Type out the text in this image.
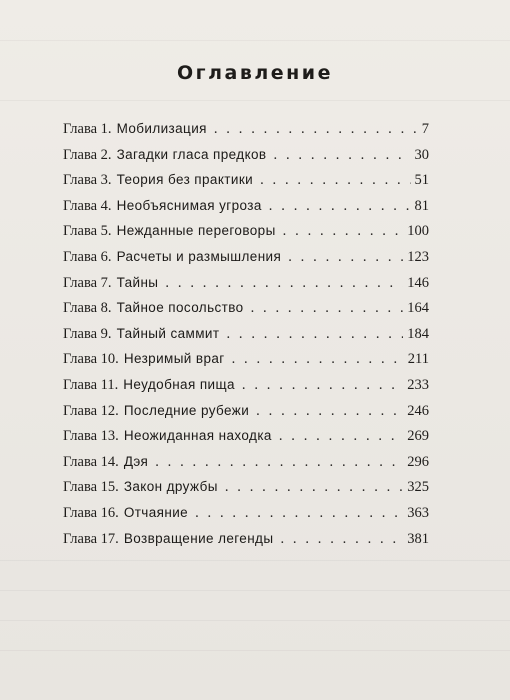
Оглавление
Глава 1. Мобилизация . . .	7
Глава 2. Загадки гласа предков . . .	30
Глава 3. Теория без практики . . .	51
Глава 4. Необъяснимая угроза . . .	81
Глава 5. Нежданные переговоры . . .	100
Глава 6. Расчеты и размышления . . .	123
Глава 7. Тайны . . .	146
Глава 8. Тайное посольство . . .	164
Глава 9. Тайный саммит . . .	184
Глава 10. Незримый враг . . .	211
Глава 11. Неудобная пища . . .	233
Глава 12. Последние рубежи . . .	246
Глава 13. Неожиданная находка . . .	269
Глава 14. Дэя . . .	296
Глава 15. Закон дружбы . . .	325
Глава 16. Отчаяние . . .	363
Глава 17. Возвращение легенды . . .	381
